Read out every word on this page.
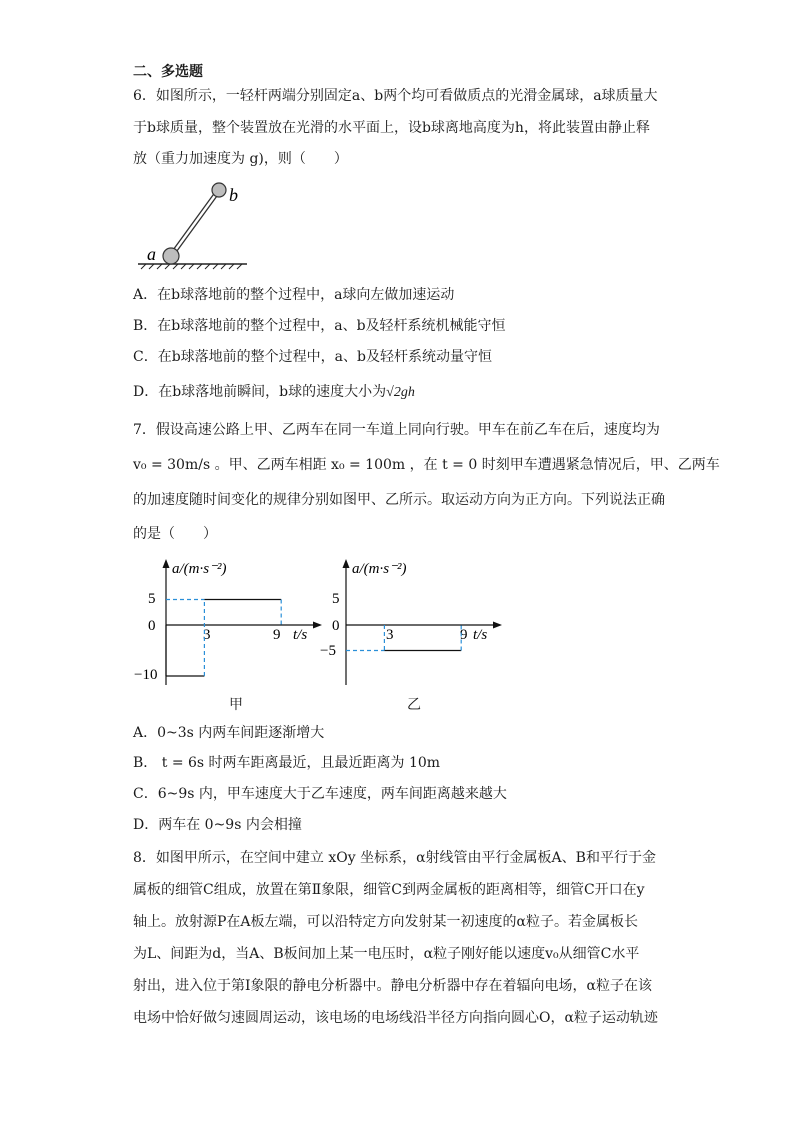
二、多选题
6．如图所示，一轻杆两端分别固定a、b两个均可看做质点的光滑金属球，a球质量大
于b球质量，整个装置放在光滑的水平面上，设b球离地高度为h，将此装置由静止释
放（重力加速度为 g)，则（　　）
a
b
A．在b球落地前的整个过程中，a球向左做加速运动
B．在b球落地前的整个过程中，a、b及轻杆系统机械能守恒
C．在b球落地前的整个过程中，a、b及轻杆系统动量守恒
D．在b球落地前瞬间，b球的速度大小为√2gh
7．假设高速公路上甲、乙两车在同一车道上同向行驶。甲车在前乙车在后，速度均为
v₀ = 30m/s 。甲、乙两车相距 x₀ = 100m ，在 t = 0 时刻甲车遭遇紧急情况后，甲、乙两车
的加速度随时间变化的规律分别如图甲、乙所示。取运动方向为正方向。下列说法正确
的是（　　）
a/(m·s⁻²)
t/s
5
0
−10
3	9
甲
a/(m·s⁻²)
t/s
5
0
−5
3	9
乙
A．0~3s 内两车间距逐渐增大
B． t = 6s 时两车距离最近，且最近距离为 10m
C．6~9s 内，甲车速度大于乙车速度，两车间距离越来越大
D．两车在 0~9s 内会相撞
8．如图甲所示，在空间中建立 xOy 坐标系，α射线管由平行金属板A、B和平行于金
属板的细管C组成，放置在第Ⅱ象限，细管C到两金属板的距离相等，细管C开口在y
轴上。放射源P在A板左端，可以沿特定方向发射某一初速度的α粒子。若金属板长
为L、间距为d，当A、B板间加上某一电压时，α粒子刚好能以速度v₀从细管C水平
射出，进入位于第Ⅰ象限的静电分析器中。静电分析器中存在着辐向电场，α粒子在该
电场中恰好做匀速圆周运动，该电场的电场线沿半径方向指向圆心O，α粒子运动轨迹
